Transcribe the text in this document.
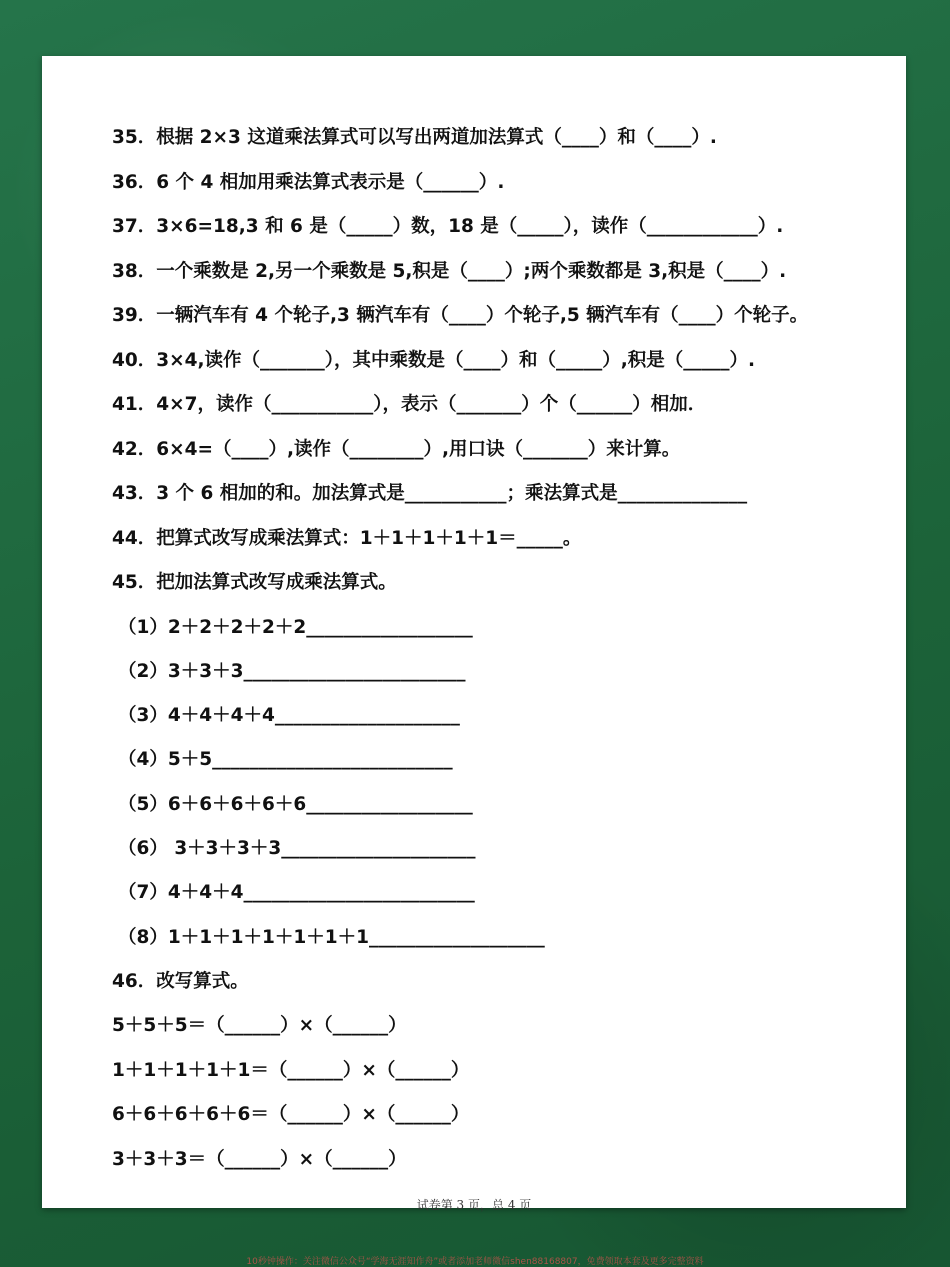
35．根据 2×3 这道乘法算式可以写出两道加法算式（____）和（____）.
36．6 个 4 相加用乘法算式表示是（______）.
37．3×6=18,3 和 6 是（_____）数，18 是（_____），读作（____________）.
38．一个乘数是 2,另一个乘数是 5,积是（____）;两个乘数都是 3,积是（____）.
39．一辆汽车有 4 个轮子,3 辆汽车有（____）个轮子,5 辆汽车有（____）个轮子。
40．3×4,读作（_______），其中乘数是（____）和（_____）,积是（_____）.
41．4×7，读作（___________），表示（_______）个（______）相加．
42．6×4=（____）,读作（________）,用口诀（_______）来计算。
43．3 个 6 相加的和。加法算式是___________；乘法算式是______________
44．把算式改写成乘法算式：1＋1＋1＋1＋1＝_____。
45．把加法算式改写成乘法算式。
（1）2＋2＋2＋2＋2__________________
（2）3＋3＋3________________________
（3）4＋4＋4＋4____________________
（4）5＋5__________________________
（5）6＋6＋6＋6＋6__________________
（6） 3＋3＋3＋3_____________________
（7）4＋4＋4_________________________
（8）1＋1＋1＋1＋1＋1＋1___________________
46．改写算式。
5＋5＋5＝（______）×（______）
1＋1＋1＋1＋1＝（______）×（______）
6＋6＋6＋6＋6＝（______）×（______）
3＋3＋3＝（______）×（______）
试卷第 3 页，总 4 页
10秒钟操作：关注微信公众号“学海无涯知作舟”或者添加老师微信shen88168807，免费领取本套及更多完整资料
